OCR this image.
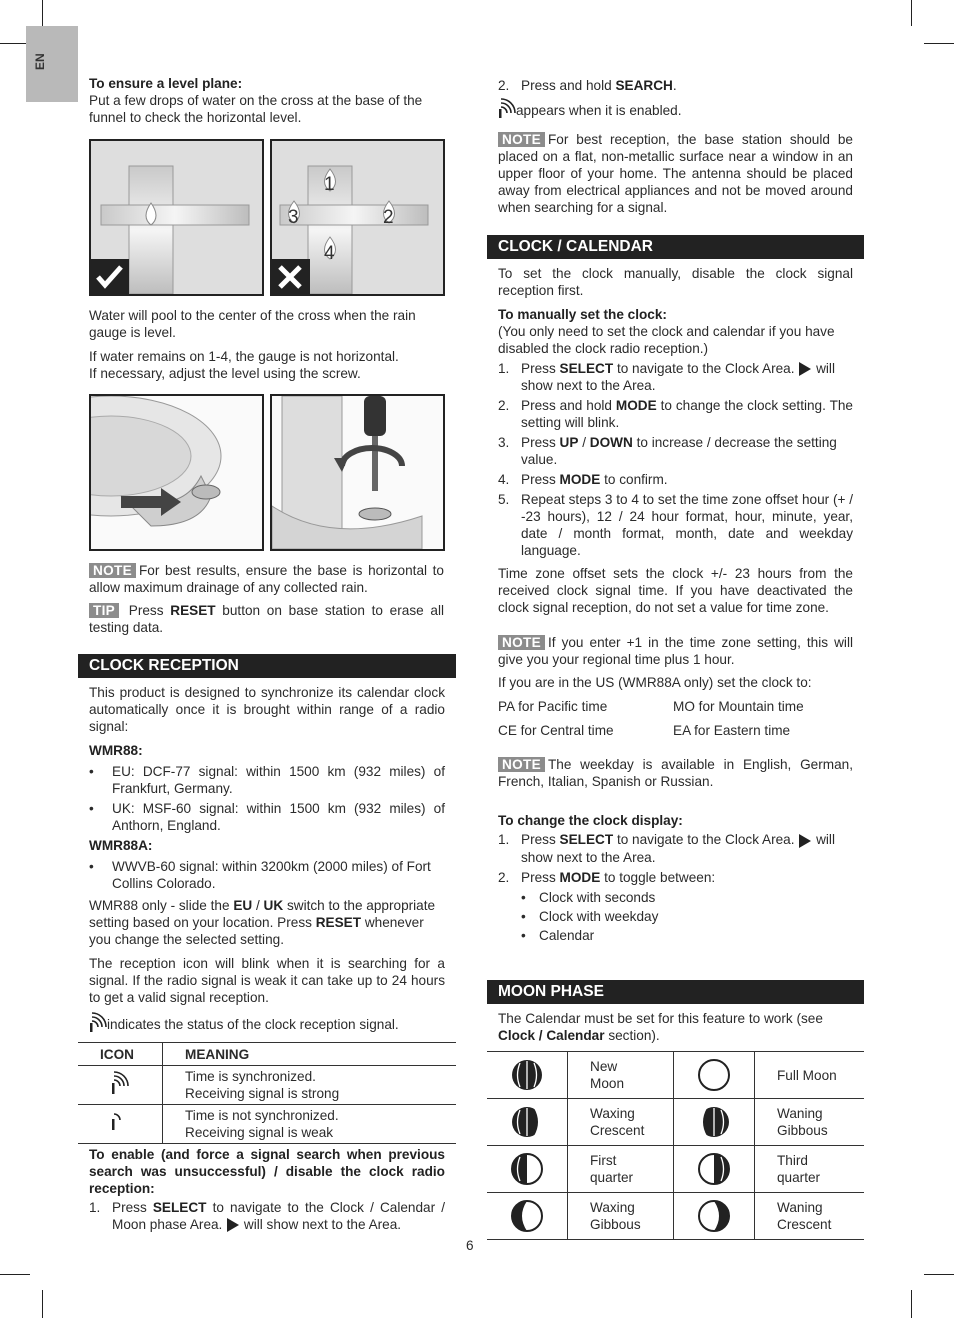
EN

To ensure a level plane:

Put a few drops of water on the cross at the base of the funnel to check the horizontal level.

1
2
3
4

Water will pool to the center of the cross when the rain gauge is level.

If water remains on 1-4, the gauge is not horizontal.

If necessary, adjust the level using the screw.

NOTE For best results, ensure the base is horizontal to allow maximum drainage of any collected rain.

TIP Press RESET button on base station to erase all testing data.

CLOCK RECEPTION

This product is designed to synchronize its calendar clock automatically once it is brought within range of a radio signal:

WMR88:

• EU: DCF-77 signal: within 1500 km (932 miles) of Frankfurt, Germany.
• UK: MSF-60 signal: within 1500 km (932 miles) of Anthorn, England.

WMR88A:

• WWVB-60 signal: within 3200km (2000 miles) of Fort Collins Colorado.

WMR88 only - slide the EU / UK switch to the appropriate setting based on your location. Press RESET whenever you change the selected setting.

The reception icon will blink when it is searching for a signal. If the radio signal is weak it can take up to 24 hours to get a valid signal reception.

indicates the status of the clock reception signal.

ICON	MEANING
	Time is synchronized.
Receiving signal is strong
	Time is not synchronized.
Receiving signal is weak

To enable (and force a signal search when previous search was unsuccessful) / disable the clock radio reception:

1. Press SELECT to navigate to the Clock / Calendar / Moon phase Area. will show next to the Area.
6
2. Press and hold SEARCH.

appears when it is enabled.

NOTE For best reception, the base station should be placed on a flat, non-metallic surface near a window in an upper floor of your home. The antenna should be placed away from electrical appliances and not be moved around when searching for a signal.

CLOCK / CALENDAR

To set the clock manually, disable the clock signal reception first.

To manually set the clock:

(You only need to set the clock and calendar if you have disabled the clock radio reception.)

1. Press SELECT to navigate to the Clock Area. will show next to the Area.
2. Press and hold MODE to change the clock setting. The setting will blink.
3. Press UP / DOWN to increase / decrease the setting value.
4. Press MODE to confirm.
5. Repeat steps 3 to 4 to set the time zone offset hour (+ / -23 hours), 12 / 24 hour format, hour, minute, year, date / month format, month, date and weekday language.

Time zone offset sets the clock +/- 23 hours from the received clock signal time. If you have deactivated the clock signal reception, do not set a value for time zone.

NOTE If you enter +1 in the time zone setting, this will give you your regional time plus 1 hour.

If you are in the US (WMR88A only) set the clock to:

PA for Pacific time	MO for Mountain time
CE for Central time	EA for Eastern time

NOTE The weekday is available in English, German, French, Italian, Spanish or Russian.

To change the clock display:

1. Press SELECT to navigate to the Clock Area. will show next to the Area.
2. Press MODE to toggle between:
• Clock with seconds
• Clock with weekday
• Calendar
MOON PHASE

The Calendar must be set for this feature to work (see Clock / Calendar section).

	New
Moon		Full Moon

	Waxing
Crescent		Waning
Gibbous
	First
quarter		Third
quarter
	Waxing
Gibbous		Waning
Crescent
